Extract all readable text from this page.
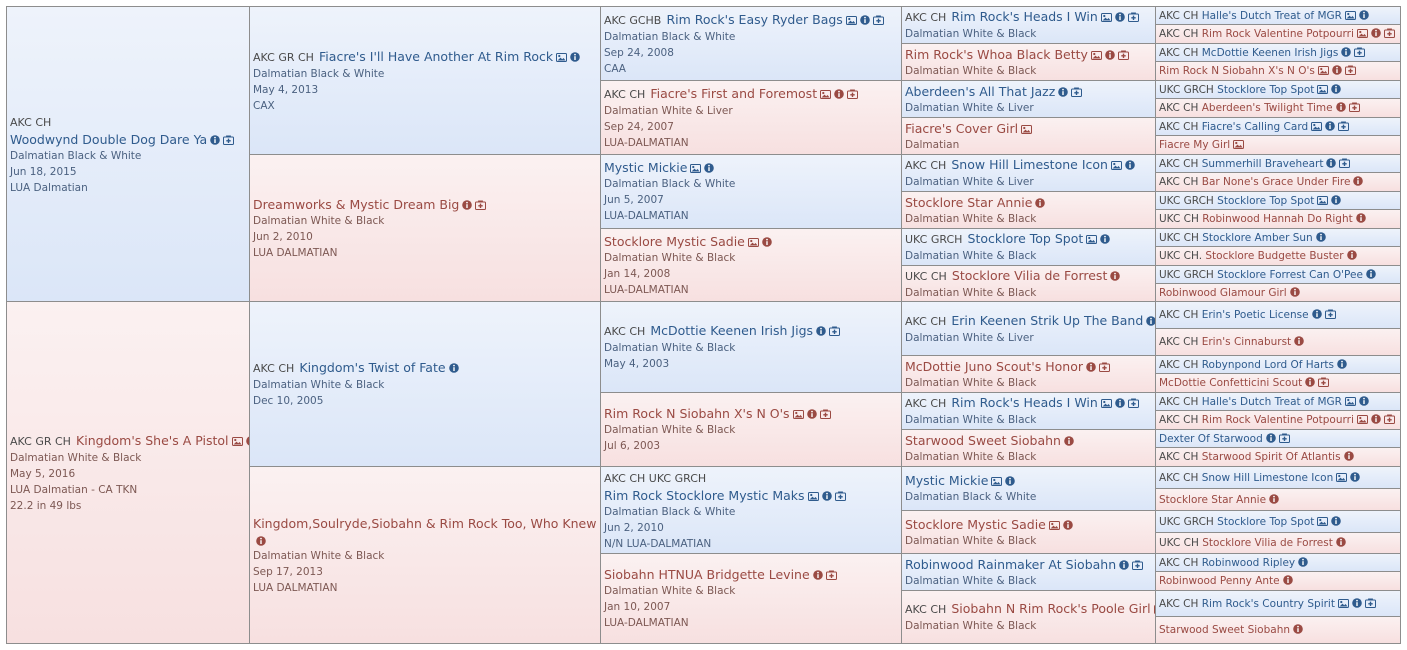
AKC CH
Woodwynd Double Dog Dare Ya
Dalmatian Black & White
Jun 18, 2015
LUA Dalmatian
AKC GR CH Kingdom's She's A Pistol
Dalmatian White & Black
May 5, 2016
LUA Dalmatian - CA TKN
22.2 in 49 lbs
AKC GR CH Fiacre's I'll Have Another At Rim Rock
Dalmatian Black & White
May 4, 2013
CAX
Dreamworks & Mystic Dream Big
Dalmatian White & Black
Jun 2, 2010
LUA DALMATIAN
AKC CH Kingdom's Twist of Fate
Dalmatian White & Black
Dec 10, 2005
Kingdom,Soulryde,Siobahn & Rim Rock Too, Who Knew
Dalmatian White & Black
Sep 17, 2013
LUA DALMATIAN
AKC GCHB Rim Rock's Easy Ryder Bags
Dalmatian Black & White
Sep 24, 2008
CAA
AKC CH Fiacre's First and Foremost
Dalmatian White & Liver
Sep 24, 2007
LUA-DALMATIAN
Mystic Mickie
Dalmatian Black & White
Jun 5, 2007
LUA-DALMATIAN
Stocklore Mystic Sadie
Dalmatian White & Black
Jan 14, 2008
LUA-DALMATIAN
AKC CH McDottie Keenen Irish Jigs
Dalmatian White & Black
May 4, 2003
Rim Rock N Siobahn X's N O's
Dalmatian White & Black
Jul 6, 2003
AKC CH UKC GRCH
Rim Rock Stocklore Mystic Maks
Dalmatian Black & White
Jun 2, 2010
N/N LUA-DALMATIAN
Siobahn HTNUA Bridgette Levine
Dalmatian White & Black
Jan 10, 2007
LUA-DALMATIAN
AKC CH Rim Rock's Heads I Win
Dalmatian White & Black
Rim Rock's Whoa Black Betty
Dalmatian White & Black
Aberdeen's All That Jazz
Dalmatian White & Liver
Fiacre's Cover Girl
Dalmatian
AKC CH Snow Hill Limestone Icon
Dalmatian White & Liver
Stocklore Star Annie
Dalmatian White & Black
UKC GRCH Stocklore Top Spot
Dalmatian White & Black
UKC CH Stocklore Vilia de Forrest
Dalmatian White & Black
AKC CH Erin Keenen Strik Up The Band
Dalmatian White & Liver
McDottie Juno Scout's Honor
Dalmatian White & Black
AKC CH Rim Rock's Heads I Win
Dalmatian White & Black
Starwood Sweet Siobahn
Dalmatian White & Black
Mystic Mickie
Dalmatian Black & White
Stocklore Mystic Sadie
Dalmatian White & Black
Robinwood Rainmaker At Siobahn
Dalmatian White & Black
AKC CH Siobahn N Rim Rock's Poole Girl
Dalmatian White & Black
AKC CH Halle's Dutch Treat of MGR
AKC CH Rim Rock Valentine Potpourri
AKC CH McDottie Keenen Irish Jigs
Rim Rock N Siobahn X's N O's
UKC GRCH Stocklore Top Spot
AKC CH Aberdeen's Twilight Time
AKC CH Fiacre's Calling Card
Fiacre My Girl
AKC CH Summerhill Braveheart
AKC CH Bar None's Grace Under Fire
UKC GRCH Stocklore Top Spot
UKC CH Robinwood Hannah Do Right
UKC CH Stocklore Amber Sun
UKC CH. Stocklore Budgette Buster
UKC GRCH Stocklore Forrest Can O'Pee
Robinwood Glamour Girl
AKC CH Erin's Poetic License
AKC CH Erin's Cinnaburst
AKC CH Robynpond Lord Of Harts
McDottie Confetticini Scout
AKC CH Halle's Dutch Treat of MGR
AKC CH Rim Rock Valentine Potpourri
Dexter Of Starwood
AKC CH Starwood Spirit Of Atlantis
AKC CH Snow Hill Limestone Icon
Stocklore Star Annie
UKC GRCH Stocklore Top Spot
UKC CH Stocklore Vilia de Forrest
AKC CH Robinwood Ripley
Robinwood Penny Ante
AKC CH Rim Rock's Country Spirit
Starwood Sweet Siobahn
